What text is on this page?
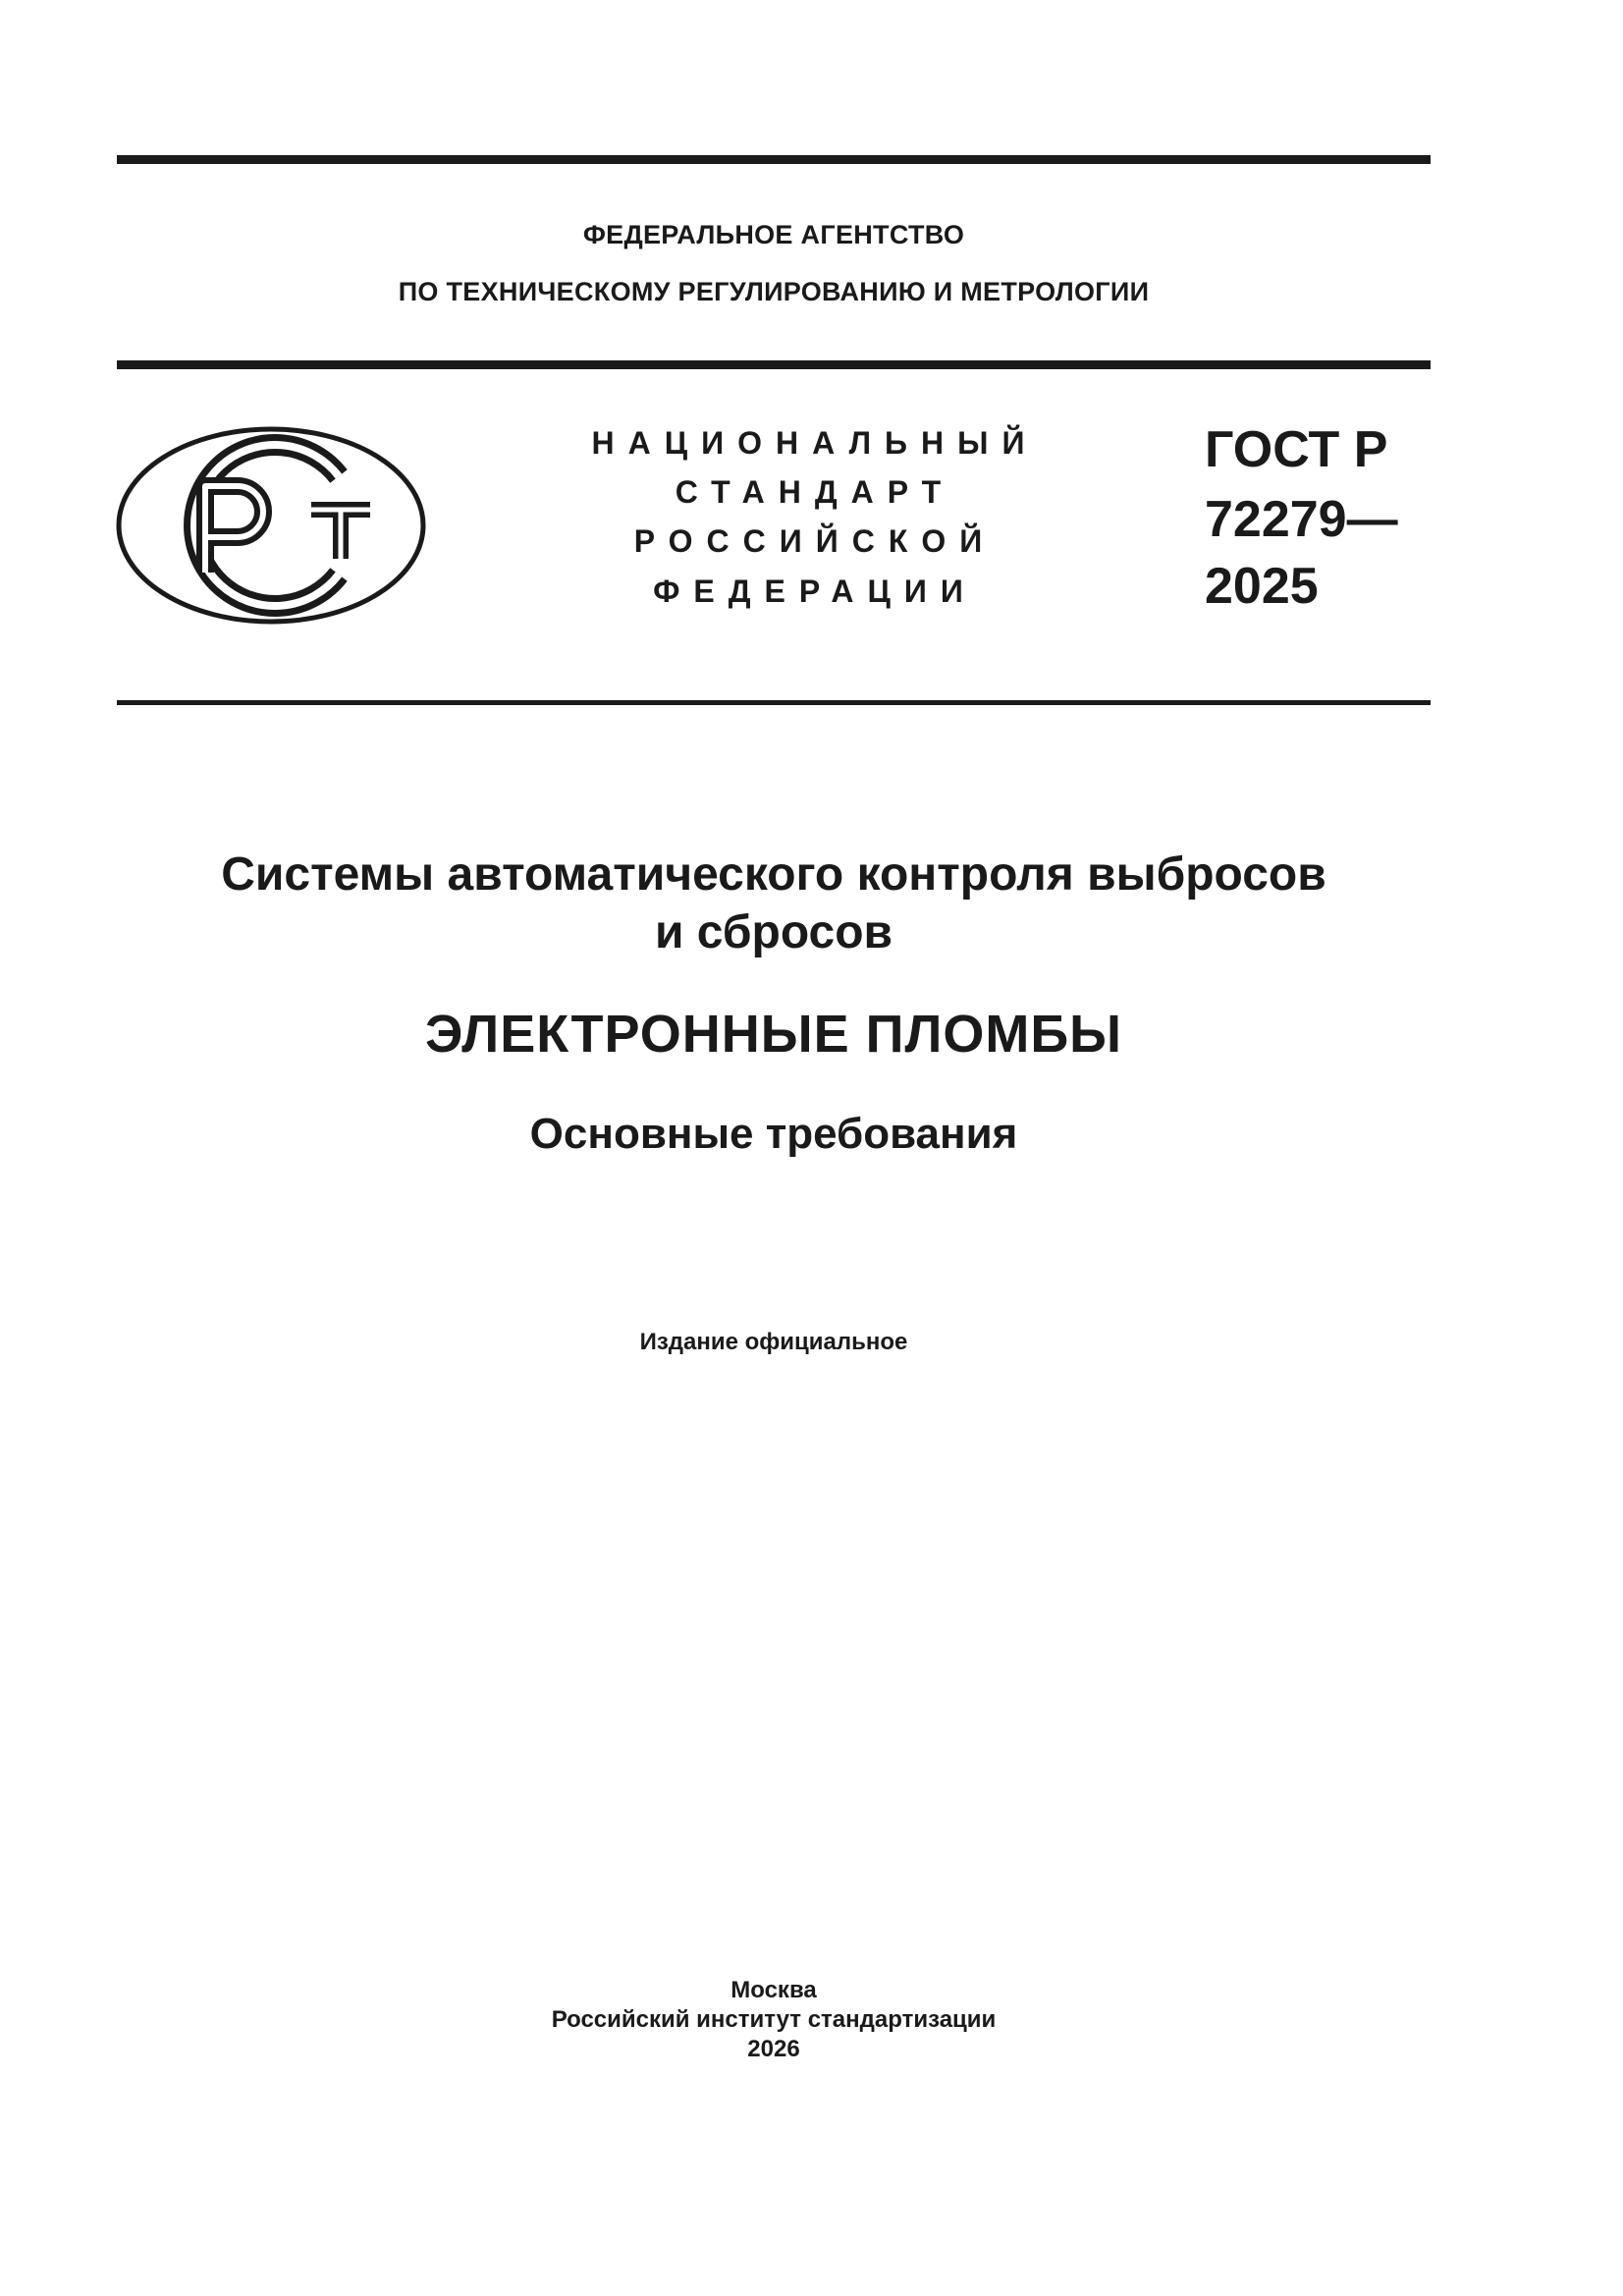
ФЕДЕРАЛЬНОЕ АГЕНТСТВО
ПО ТЕХНИЧЕСКОМУ РЕГУЛИРОВАНИЮ И МЕТРОЛОГИИ
НАЦИОНАЛЬНЫЙ
СТАНДАРТ
РОССИЙСКОЙ
ФЕДЕРАЦИИ
ГОСТ Р
72279—
2025
Системы автоматического контроля выбросов
и сбросов
ЭЛЕКТРОННЫЕ ПЛОМБЫ
Основные требования
Издание официальное
Москва
Российский институт стандартизации
2026
